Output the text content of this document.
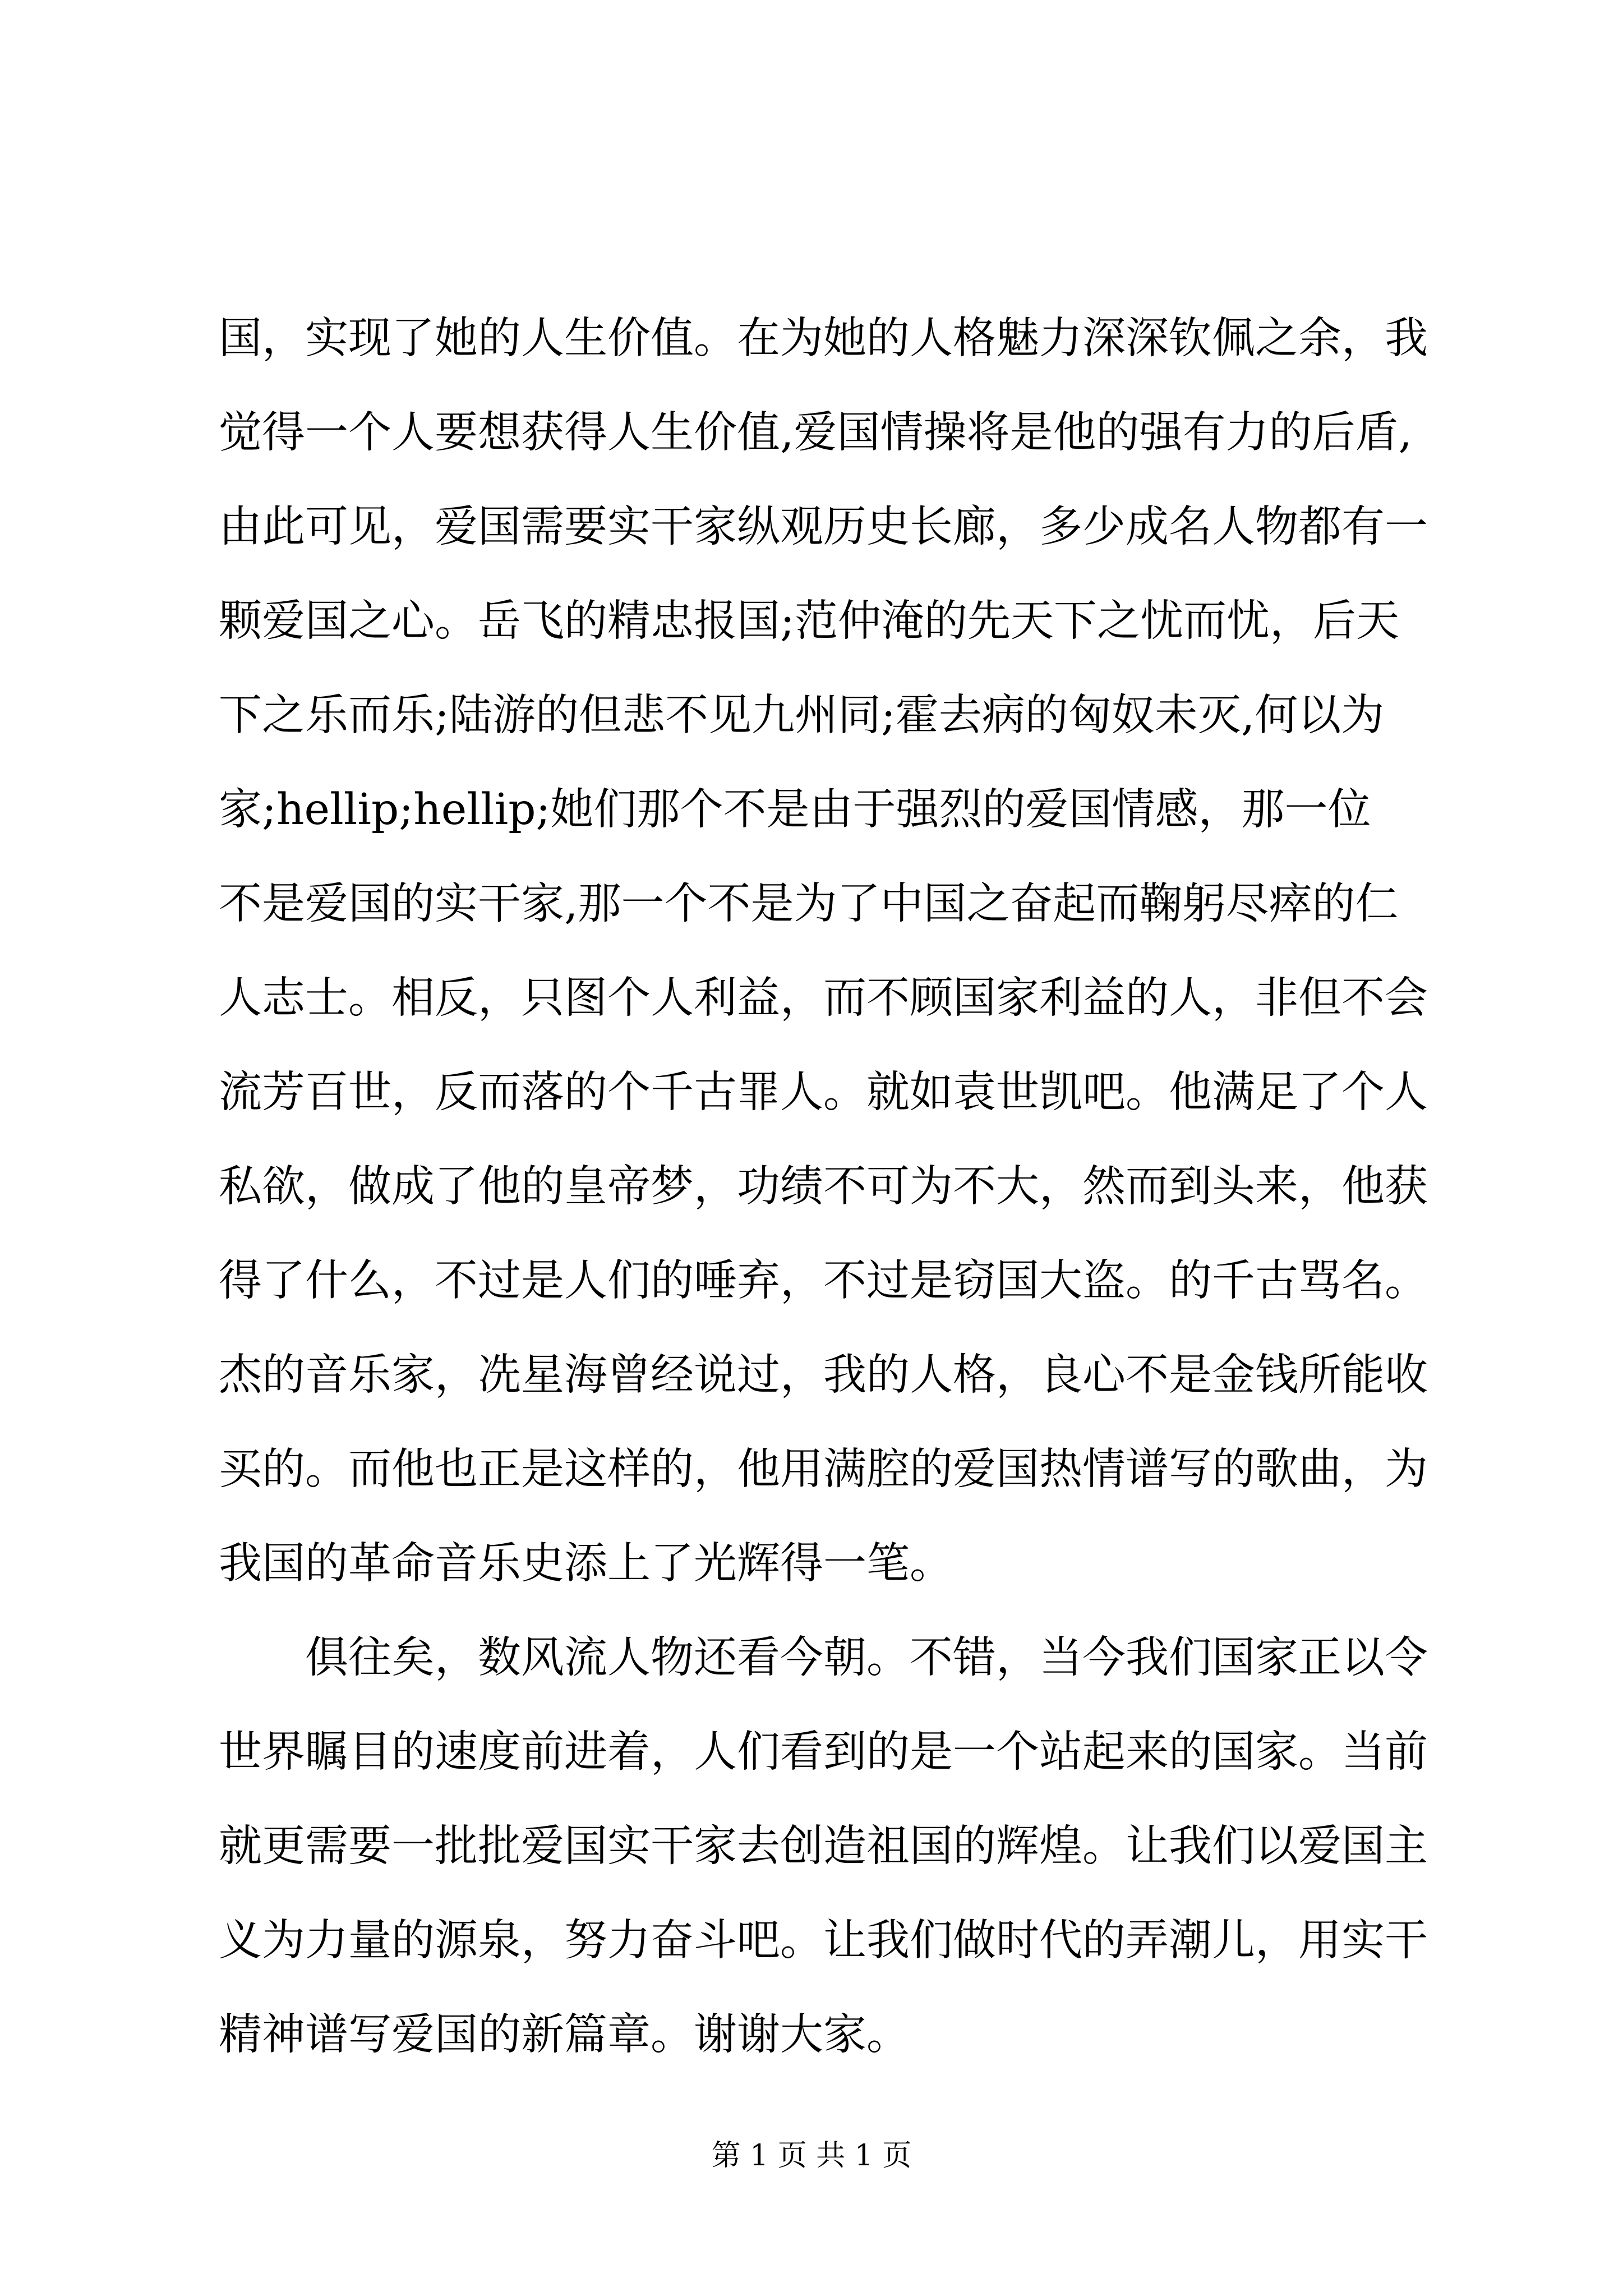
国，实现了她的人生价值。在为她的人格魅力深深钦佩之余，我
觉得一个人要想获得人生价值,爱国情操将是他的强有力的后盾,
由此可见，爱国需要实干家纵观历史长廊，多少成名人物都有一
颗爱国之心。岳飞的精忠报国;范仲淹的先天下之忧而忧，后天
下之乐而乐;陆游的但悲不见九州同;霍去病的匈奴未灭,何以为
家;hellip;hellip;她们那个不是由于强烈的爱国情感，那一位
不是爱国的实干家,那一个不是为了中国之奋起而鞠躬尽瘁的仁
人志士。相反，只图个人利益，而不顾国家利益的人，非但不会
流芳百世，反而落的个千古罪人。就如袁世凯吧。他满足了个人
私欲，做成了他的皇帝梦，功绩不可为不大，然而到头来，他获
得了什么，不过是人们的唾弃，不过是窃国大盗。的千古骂名。
杰的音乐家，冼星海曾经说过，我的人格，良心不是金钱所能收
买的。而他也正是这样的，他用满腔的爱国热情谱写的歌曲，为
我国的革命音乐史添上了光辉得一笔。
俱往矣，数风流人物还看今朝。不错，当今我们国家正以令
世界瞩目的速度前进着，人们看到的是一个站起来的国家。当前
就更需要一批批爱国实干家去创造祖国的辉煌。让我们以爱国主
义为力量的源泉，努力奋斗吧。让我们做时代的弄潮儿，用实干
精神谱写爱国的新篇章。谢谢大家。
第 1 页 共 1 页
